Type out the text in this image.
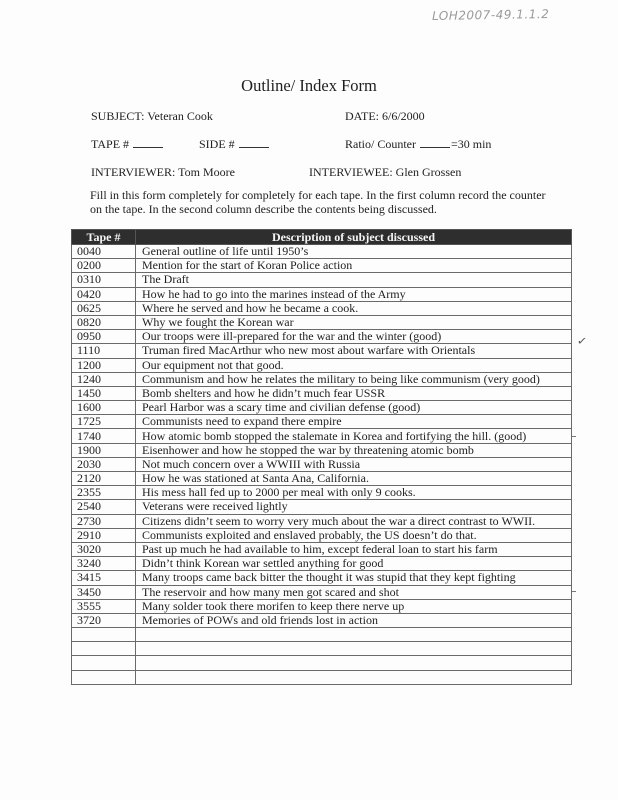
LOH2007-49.1.1.2
Outline/ Index Form
SUBJECT: Veteran Cook	DATE: 6/6/2000
TAPE #	SIDE #	Ratio/ Counter	=30 min
INTERVIEWER: Tom Moore	INTERVIEWEE: Glen Grossen
Fill in this form completely for completely for each tape. In the first column record the counter on the tape. In the second column describe the contents being discussed.
Tape #	Description of subject discussed
0040	General outline of life until 1950’s
0200	Mention for the start of Koran Police action
0310	The Draft
0420	How he had to go into the marines instead of the Army
0625	Where he served and how he became a cook.
0820	Why we fought the Korean war
0950	Our troops were ill-prepared for the war and the winter (good)
1110	Truman fired MacArthur who new most about warfare with Orientals
1200	Our equipment not that good.
1240	Communism and how he relates the military to being like communism (very good)
1450	Bomb shelters and how he didn’t much fear USSR
1600	Pearl Harbor was a scary time and civilian defense (good)
1725	Communists need to expand there empire
1740	How atomic bomb stopped the stalemate in Korea and fortifying the hill. (good)
1900	Eisenhower and how he stopped the war by threatening atomic bomb
2030	Not much concern over a WWIII with Russia
2120	How he was stationed at Santa Ana, California.
2355	His mess hall fed up to 2000 per meal with only 9 cooks.
2540	Veterans were received lightly
2730	Citizens didn’t seem to worry very much about the war a direct contrast to WWII.
2910	Communists exploited and enslaved probably, the US doesn’t do that.
3020	Past up much he had available to him, except federal loan to start his farm
3240	Didn’t think Korean war settled anything for good
3415	Many troops came back bitter the thought it was stupid that they kept fighting
3450	The reservoir and how many men got scared and shot
3555	Many solder took there morifen to keep there nerve up
3720	Memories of POWs and old friends lost in action

✓
